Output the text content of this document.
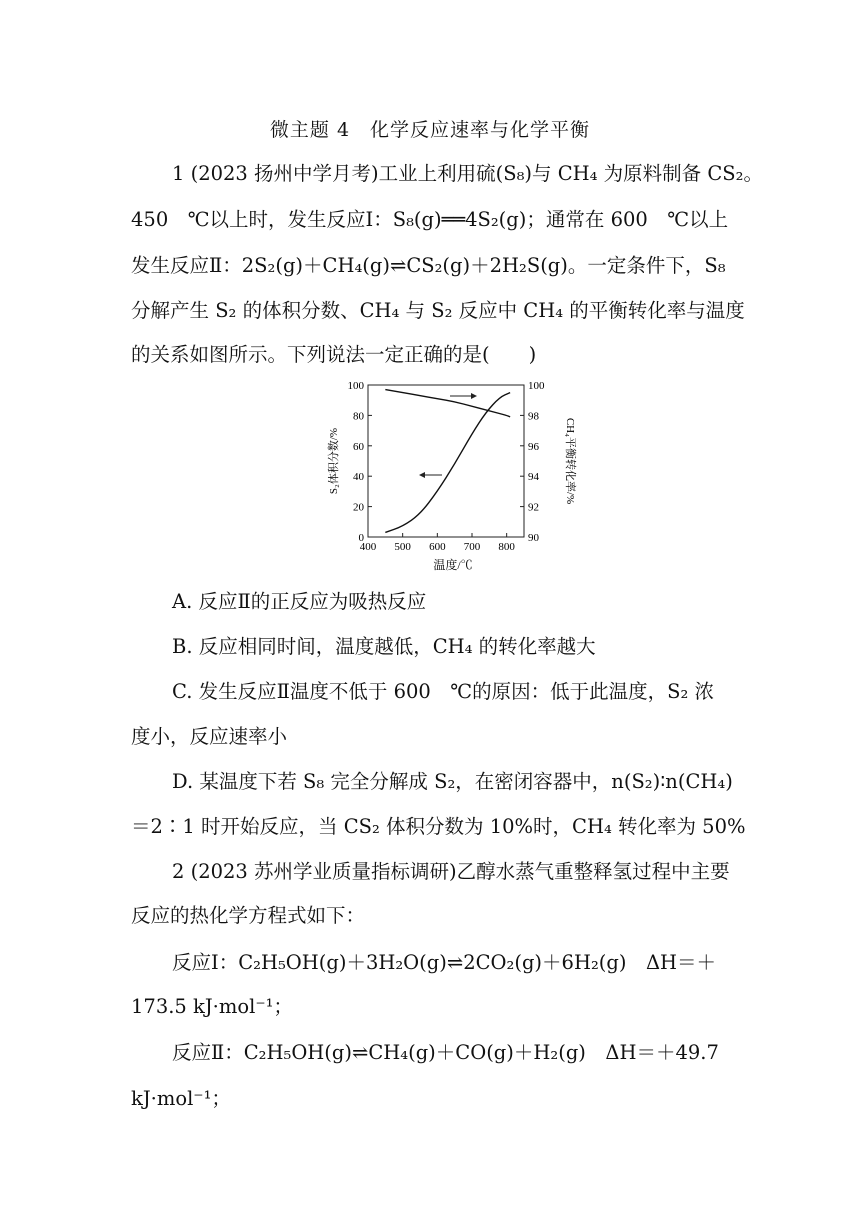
微主题 4　化学反应速率与化学平衡
1 (2023 扬州中学月考)工业上利用硫(S₈)与 CH₄ 为原料制备 CS₂。
450　℃以上时，发生反应Ⅰ：S₈(g)══4S₂(g)；通常在 600　℃以上
发生反应Ⅱ：2S₂(g)＋CH₄(g)⇌CS₂(g)＋2H₂S(g)。一定条件下，S₈
分解产生 S₂ 的体积分数、CH₄ 与 S₂ 反应中 CH₄ 的平衡转化率与温度
的关系如图所示。下列说法一定正确的是(　　)
400 500 600 700 800
0
20
40
60
80
100
90
92
94
96
98
100
温度/℃
S₂体积分数/%	CH₄平衡转化率/%
A. 反应Ⅱ的正反应为吸热反应
B. 反应相同时间，温度越低，CH₄ 的转化率越大
C. 发生反应Ⅱ温度不低于 600　℃的原因：低于此温度，S₂ 浓
度小，反应速率小
D. 某温度下若 S₈ 完全分解成 S₂，在密闭容器中，n(S₂)∶n(CH₄)
＝2∶1 时开始反应，当 CS₂ 体积分数为 10%时，CH₄ 转化率为 50%
2 (2023 苏州学业质量指标调研)乙醇水蒸气重整释氢过程中主要
反应的热化学方程式如下：
反应Ⅰ：C₂H₅OH(g)＋3H₂O(g)⇌2CO₂(g)＋6H₂(g)　ΔH＝＋
173.5 kJ·mol⁻¹；
反应Ⅱ：C₂H₅OH(g)⇌CH₄(g)＋CO(g)＋H₂(g)　ΔH＝＋49.7
kJ·mol⁻¹；
